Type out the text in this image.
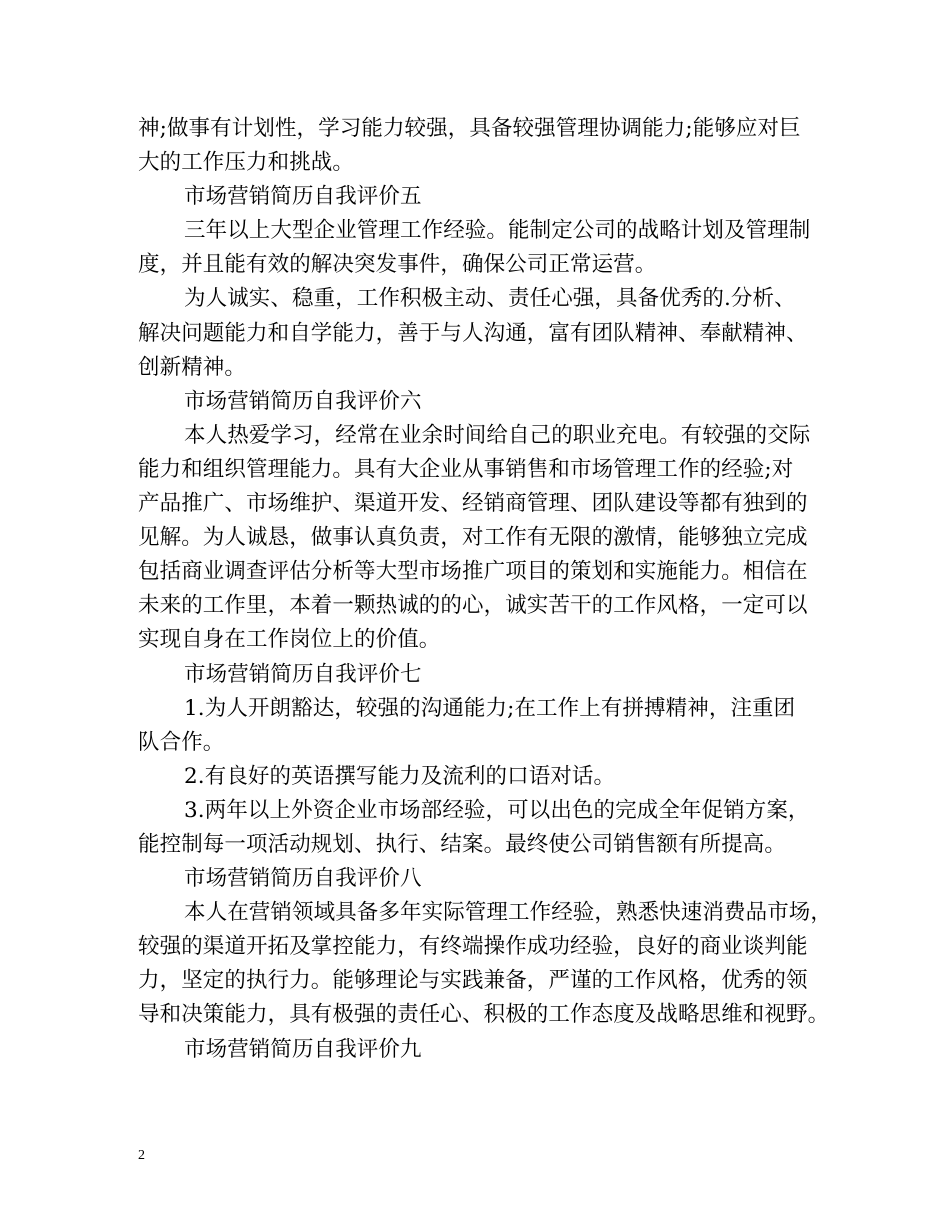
神;做事有计划性，学习能力较强，具备较强管理协调能力;能够应对巨
大的工作压力和挑战。
市场营销简历自我评价五
三年以上大型企业管理工作经验。能制定公司的战略计划及管理制
度，并且能有效的解决突发事件，确保公司正常运营。
为人诚实、稳重，工作积极主动、责任心强，具备优秀的.分析、
解决问题能力和自学能力，善于与人沟通，富有团队精神、奉献精神、
创新精神。
市场营销简历自我评价六
本人热爱学习，经常在业余时间给自己的职业充电。有较强的交际
能力和组织管理能力。具有大企业从事销售和市场管理工作的经验;对
产品推广、市场维护、渠道开发、经销商管理、团队建设等都有独到的
见解。为人诚恳，做事认真负责，对工作有无限的激情，能够独立完成
包括商业调查评估分析等大型市场推广项目的策划和实施能力。相信在
未来的工作里，本着一颗热诚的的心，诚实苦干的工作风格，一定可以
实现自身在工作岗位上的价值。
市场营销简历自我评价七
1.为人开朗豁达，较强的沟通能力;在工作上有拼搏精神，注重团
队合作。
2.有良好的英语撰写能力及流利的口语对话。
3.两年以上外资企业市场部经验，可以出色的完成全年促销方案，
能控制每一项活动规划、执行、结案。最终使公司销售额有所提高。
市场营销简历自我评价八
本人在营销领域具备多年实际管理工作经验，熟悉快速消费品市场，
较强的渠道开拓及掌控能力，有终端操作成功经验，良好的商业谈判能
力，坚定的执行力。能够理论与实践兼备，严谨的工作风格，优秀的领
导和决策能力，具有极强的责任心、积极的工作态度及战略思维和视野。
市场营销简历自我评价九
2
